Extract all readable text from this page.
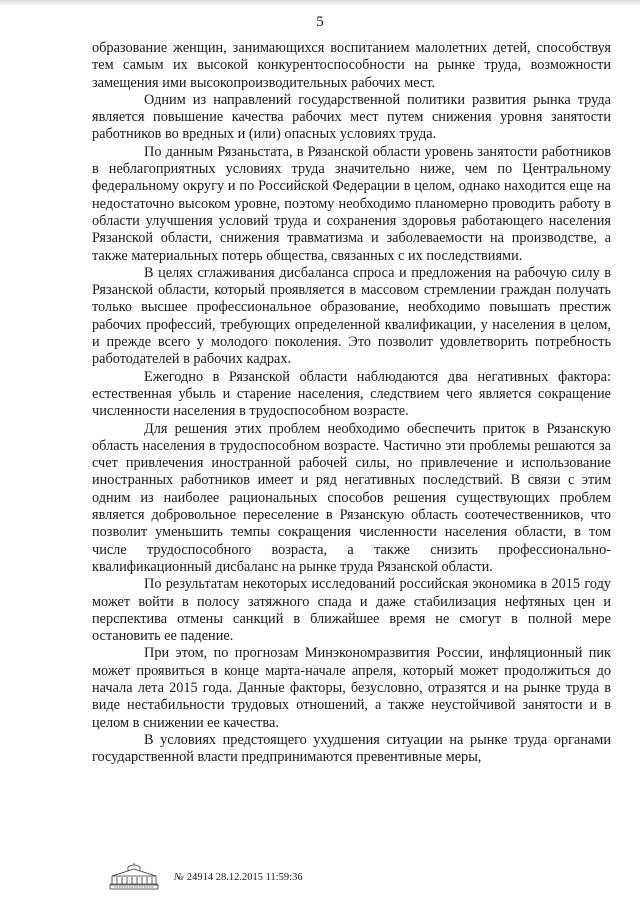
5

образование женщин, занимающихся воспитанием малолетних детей, способствуя тем самым их высокой конкурентоспособности на рынке труда, возможности замещения ими высокопроизводительных рабочих мест.

Одним из направлений государственной политики развития рынка труда является повышение качества рабочих мест путем снижения уровня занятости работников во вредных и (или) опасных условиях труда.

По данным Рязаньстата, в Рязанской области уровень занятости работников в неблагоприятных условиях труда значительно ниже, чем по Центральному федеральному округу и по Российской Федерации в целом, однако находится еще на недостаточно высоком уровне, поэтому необходимо планомерно проводить работу в области улучшения условий труда и сохранения здоровья работающего населения Рязанской области, снижения травматизма и заболеваемости на производстве, а также материальных потерь общества, связанных с их последствиями.

В целях сглаживания дисбаланса спроса и предложения на рабочую силу в Рязанской области, который проявляется в массовом стремлении граждан получать только высшее профессиональное образование, необходимо повышать престиж рабочих профессий, требующих определенной квалификации, у населения в целом, и прежде всего у молодого поколения. Это позволит удовлетворить потребность работодателей в рабочих кадрах.

Ежегодно в Рязанской области наблюдаются два негативных фактора: естественная убыль и старение населения, следствием чего является сокращение численности населения в трудоспособном возрасте.

Для решения этих проблем необходимо обеспечить приток в Рязанскую область населения в трудоспособном возрасте. Частично эти проблемы решаются за счет привлечения иностранной рабочей силы, но привлечение и использование иностранных работников имеет и ряд негативных последствий. В связи с этим одним из наиболее рациональных способов решения существующих проблем является добровольное переселение в Рязанскую область соотечественников, что позволит уменьшить темпы сокращения численности населения области, в том числе трудоспособного возраста, а также снизить профессионально-квалификационный дисбаланс на рынке труда Рязанской области.

По результатам некоторых исследований российская экономика в 2015 году может войти в полосу затяжного спада и даже стабилизация нефтяных цен и перспектива отмены санкций в ближайшее время не смогут в полной мере остановить ее падение.

При этом, по прогнозам Минэкономразвития России, инфляционный пик может проявиться в конце марта-начале апреля, который может продолжиться до начала лета 2015 года. Данные факторы, безусловно, отразятся и на рынке труда в виде нестабильности трудовых отношений, а также неустойчивой занятости и в целом в снижении ее качества.

В условиях предстоящего ухудшения ситуации на рынке труда органами государственной власти предпринимаются превентивные меры,

№ 24914 28.12.2015 11:59:36
